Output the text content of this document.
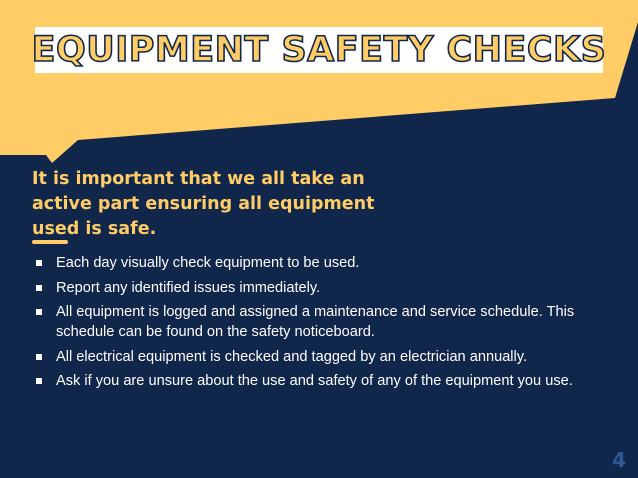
EQUIPMENT SAFETY CHECKS

It is important that we all take an active part ensuring all equipment used is safe.

Each day visually check equipment to be used.
Report any identified issues immediately.
All equipment is logged and assigned a maintenance and service schedule. This schedule can be found on the safety noticeboard.
All electrical equipment is checked and tagged by an electrician annually.
Ask if you are unsure about the use and safety of any of the equipment you use.
4
